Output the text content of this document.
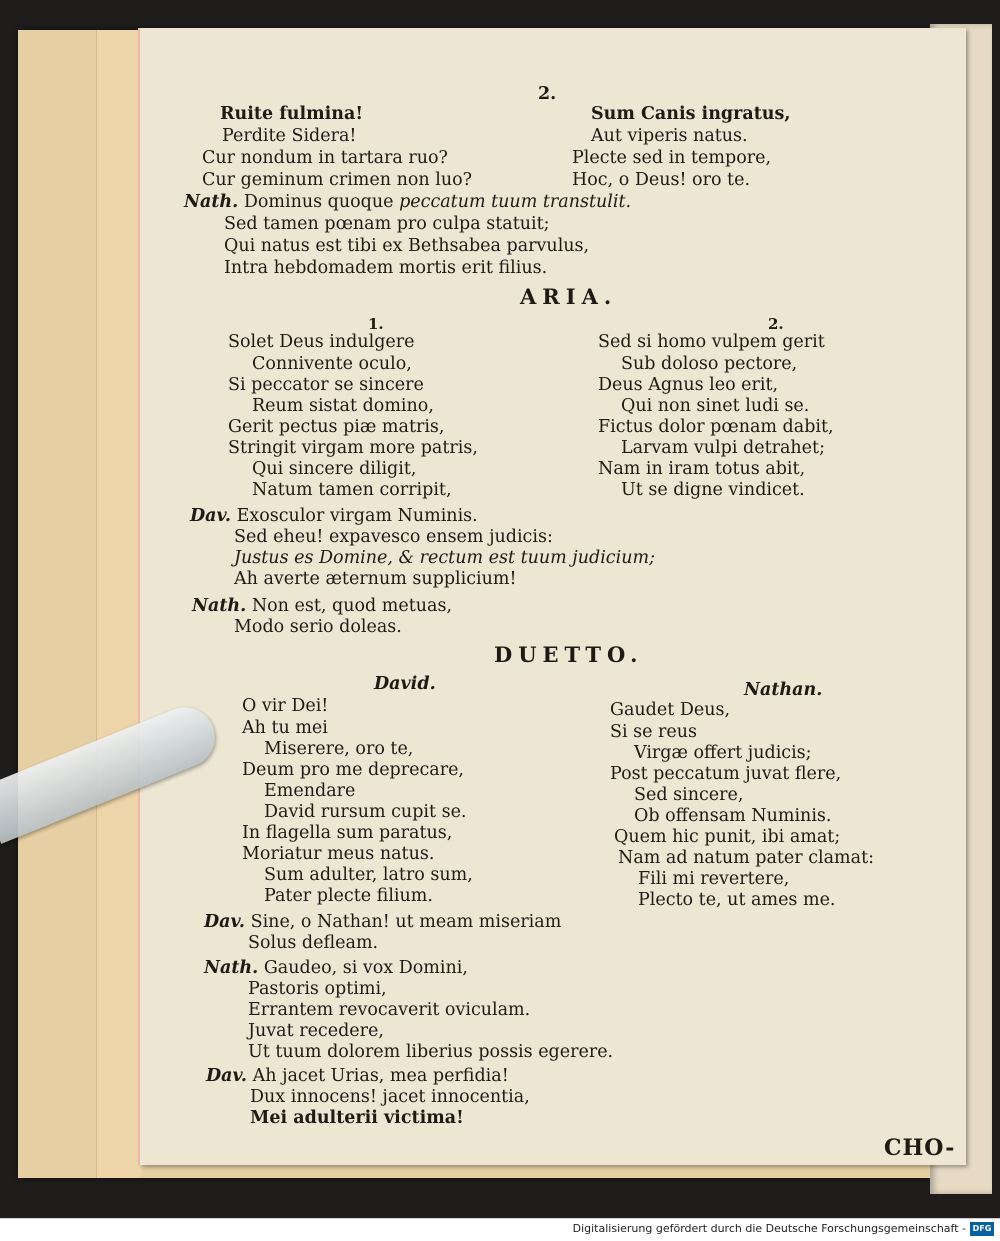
2.
Ruite fulmina!
Perdite Sidera!
Cur nondum in tartara ruo?
Cur geminum crimen non luo?
Sum Canis ingratus,
Aut viperis natus.
Plecte sed in tempore,
Hoc, o Deus! oro te.
Nath. Dominus quoque peccatum tuum transtulit.
Sed tamen pœnam pro culpa statuit;
Qui natus est tibi ex Bethsabea parvulus,
Intra hebdomadem mortis erit filius.
ARIA.
1.	2.
Solet Deus indulgere
Connivente oculo,
Si peccator se sincere
Reum sistat domino,
Gerit pectus piæ matris,
Stringit virgam more patris,
Qui sincere diligit,
Natum tamen corripit,
Sed si homo vulpem gerit
Sub doloso pectore,
Deus Agnus leo erit,
Qui non sinet ludi se.
Fictus dolor pœnam dabit,
Larvam vulpi detrahet;
Nam in iram totus abit,
Ut se digne vindicet.
Dav. Exosculor virgam Numinis.
Sed eheu! expavesco ensem judicis:
Justus es Domine, & rectum est tuum judicium;
Ah averte æternum supplicium!
Nath. Non est, quod metuas,
Modo serio doleas.
DUETTO.
David.	Nathan.
O vir Dei!
Ah tu mei
Miserere, oro te,
Deum pro me deprecare,
Emendare
David rursum cupit se.
In flagella sum paratus,
Moriatur meus natus.
Sum adulter, latro sum,
Pater plecte filium.
Gaudet Deus,
Si se reus
Virgæ offert judicis;
Post peccatum juvat flere,
Sed sincere,
Ob offensam Numinis.
Quem hic punit, ibi amat;
Nam ad natum pater clamat:
Fili mi revertere,
Plecto te, ut ames me.
Dav. Sine, o Nathan! ut meam miseriam
Solus defleam.
Nath. Gaudeo, si vox Domini,
Pastoris optimi,
Errantem revocaverit oviculam.
Juvat recedere,
Ut tuum dolorem liberius possis egerere.
Dav. Ah jacet Urias, mea perfidia!
Dux innocens! jacet innocentia,
Mei adulterii victima!
CHO-
Digitalisierung gefördert durch die Deutsche Forschungsgemeinschaft - DFG
